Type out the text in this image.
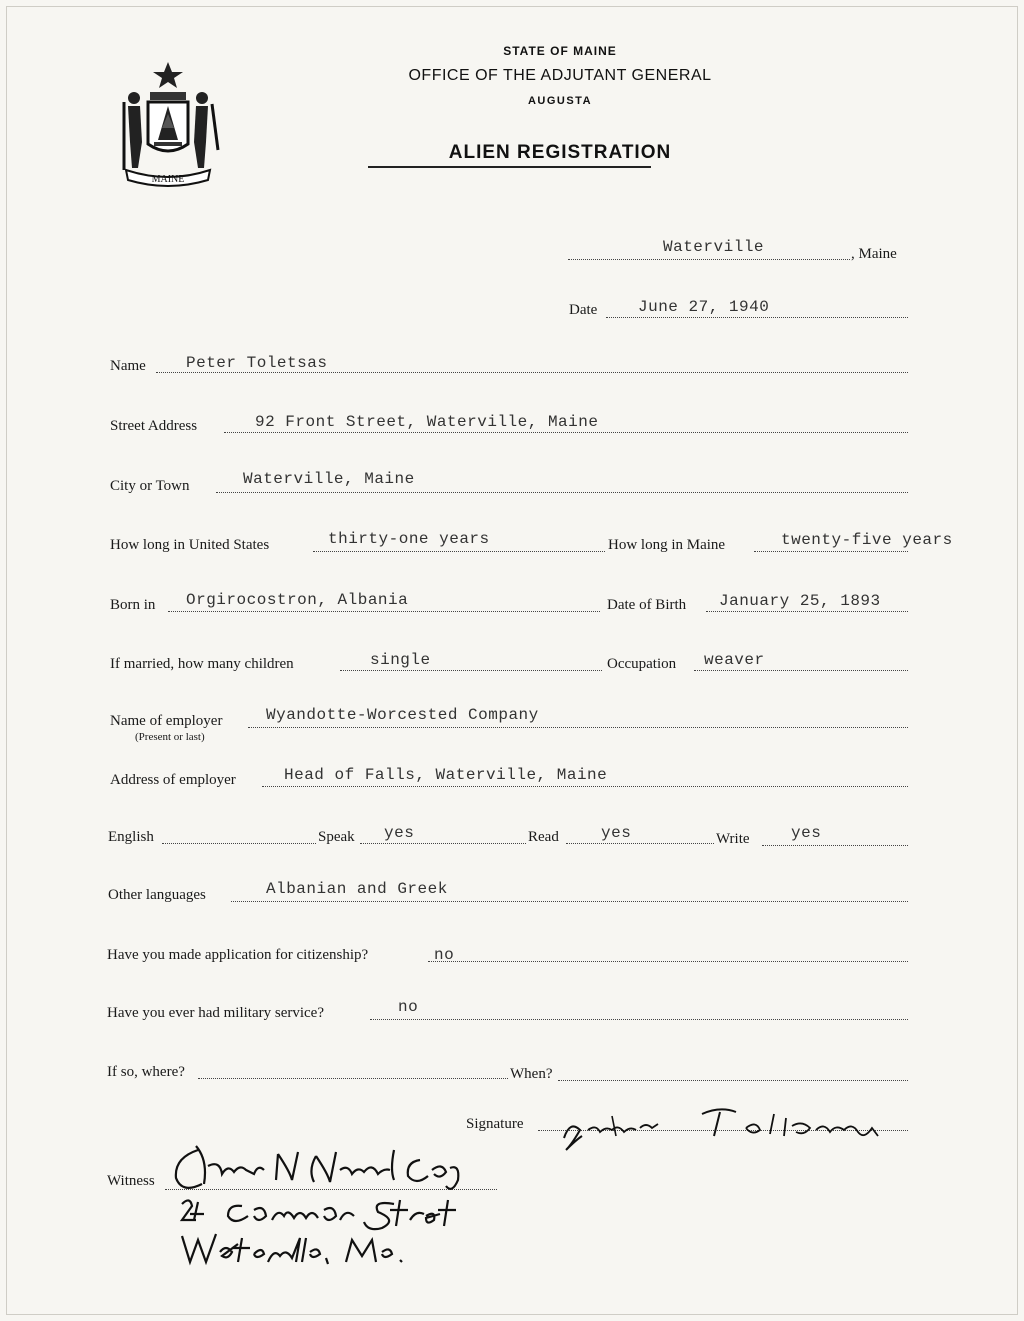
MAINE
STATE OF MAINE
OFFICE OF THE ADJUTANT GENERAL
AUGUSTA
ALIEN REGISTRATION
Waterville	, Maine
Date	June 27, 1940
Name	Peter Toletsas
Street Address	92 Front Street, Waterville, Maine
City or Town	Waterville, Maine
How long in United States	thirty-one years	How long in Maine	twenty-five years
Born in Orgirocostron, Albania	Date of Birth January 25, 1893
If married, how many children	single	Occupation weaver
Name of employer
(Present or last)
Wyandotte-Worcested Company
Address of employer	Head of Falls, Waterville, Maine
English	Speak yes	Read	yes	Write	yes
Other languages	Albanian and Greek
Have you made application for citizenship?	no
Have you ever had military service?	no
If so, where?	When?
Signature
Witness
